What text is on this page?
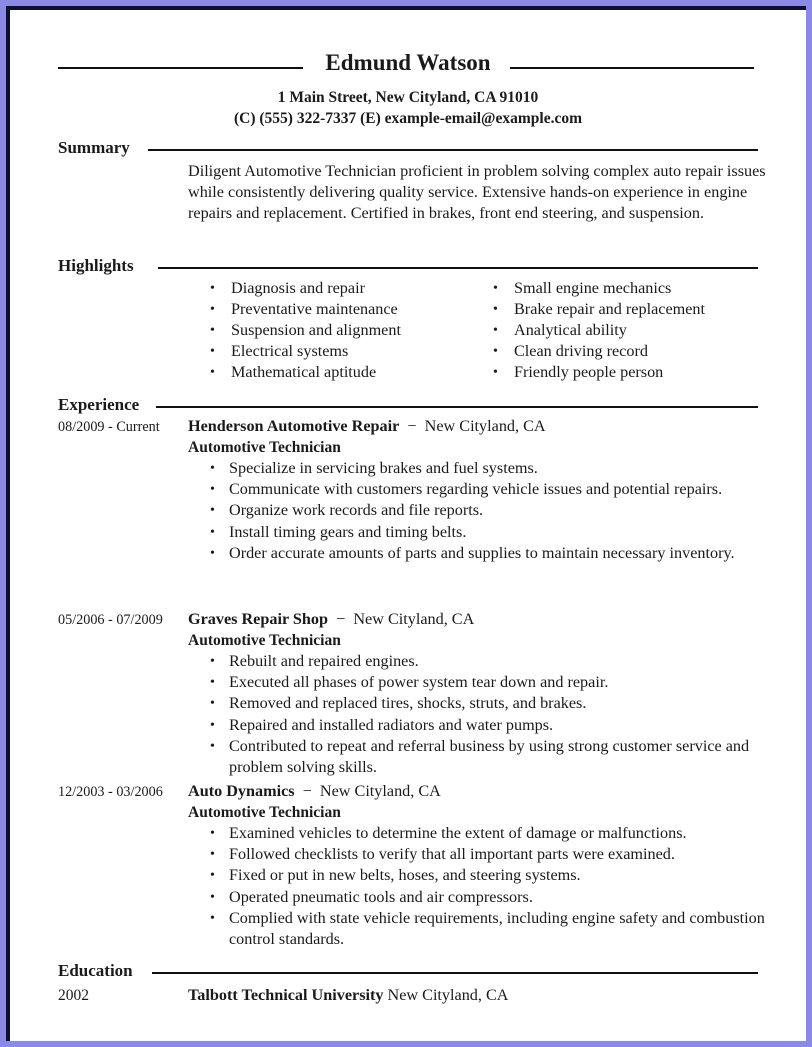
Edmund Watson
1 Main Street, New Cityland, CA 91010
(C) (555) 322-7337 (E) example-email@example.com
Summary
Diligent Automotive Technician proficient in problem solving complex auto repair issues while consistently delivering quality service. Extensive hands-on experience in engine repairs and replacement. Certified in brakes, front end steering, and suspension.
Highlights
• Diagnosis and repair
• Preventative maintenance
• Suspension and alignment
• Electrical systems
• Mathematical aptitude
• Small engine mechanics
• Brake repair and replacement
• Analytical ability
• Clean driving record
• Friendly people person
Experience
08/2009 - Current Henderson Automotive Repair − New Cityland, CA
Automotive Technician
• Specialize in servicing brakes and fuel systems.
• Communicate with customers regarding vehicle issues and potential repairs.
• Organize work records and file reports.
• Install timing gears and timing belts.
• Order accurate amounts of parts and supplies to maintain necessary inventory.
05/2006 - 07/2009 Graves Repair Shop − New Cityland, CA
Automotive Technician
• Rebuilt and repaired engines.
• Executed all phases of power system tear down and repair.
• Removed and replaced tires, shocks, struts, and brakes.
• Repaired and installed radiators and water pumps.
• Contributed to repeat and referral business by using strong customer service and problem solving skills.
12/2003 - 03/2006 Auto Dynamics − New Cityland, CA
Automotive Technician
• Examined vehicles to determine the extent of damage or malfunctions.
• Followed checklists to verify that all important parts were examined.
• Fixed or put in new belts, hoses, and steering systems.
• Operated pneumatic tools and air compressors.
• Complied with state vehicle requirements, including engine safety and combustion control standards.
Education
2002	Talbott Technical University New Cityland, CA
